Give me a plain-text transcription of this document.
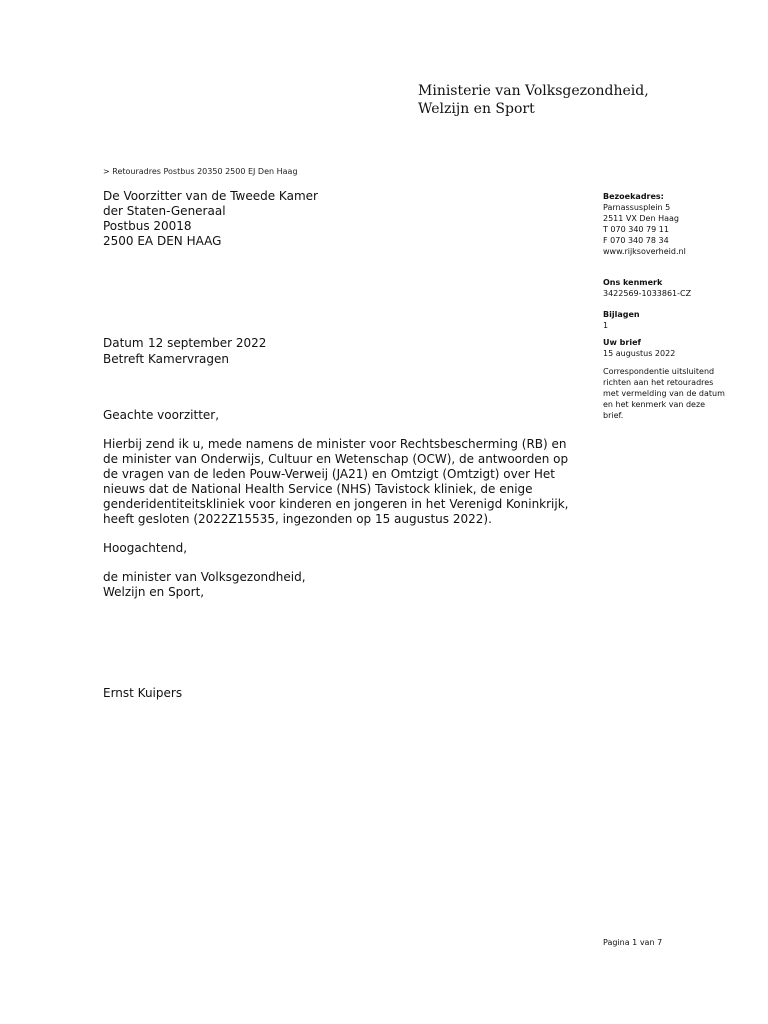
Ministerie van Volksgezondheid,
Welzijn en Sport
> Retouradres Postbus 20350 2500 EJ Den Haag
De Voorzitter van de Tweede Kamer
der Staten-Generaal
Postbus 20018
2500 EA DEN HAAG
Datum 12 september 2022
Betreft Kamervragen

Geachte voorzitter,

Hierbij zend ik u, mede namens de minister voor Rechtsbescherming (RB) en de minister van Onderwijs, Cultuur en Wetenschap (OCW), de antwoorden op de vragen van de leden Pouw-Verweij (JA21) en Omtzigt (Omtzigt) over Het nieuws dat de National Health Service (NHS) Tavistock kliniek, de enige genderidentiteitskliniek voor kinderen en jongeren in het Verenigd Koninkrijk, heeft gesloten (2022Z15535, ingezonden op 15 augustus 2022).

Hoogachtend,

de minister van Volksgezondheid,

Welzijn en Sport,

Ernst Kuipers
Bezoekadres:
Parnassusplein 5
2511 VX Den Haag
T 070 340 79 11
F 070 340 78 34
www.rijksoverheid.nl
Ons kenmerk
3422569-1033861-CZ
Bijlagen
1
Uw brief
15 augustus 2022
Correspondentie uitsluitend
richten aan het retouradres
met vermelding van de datum
en het kenmerk van deze
brief.
Pagina 1 van 7
